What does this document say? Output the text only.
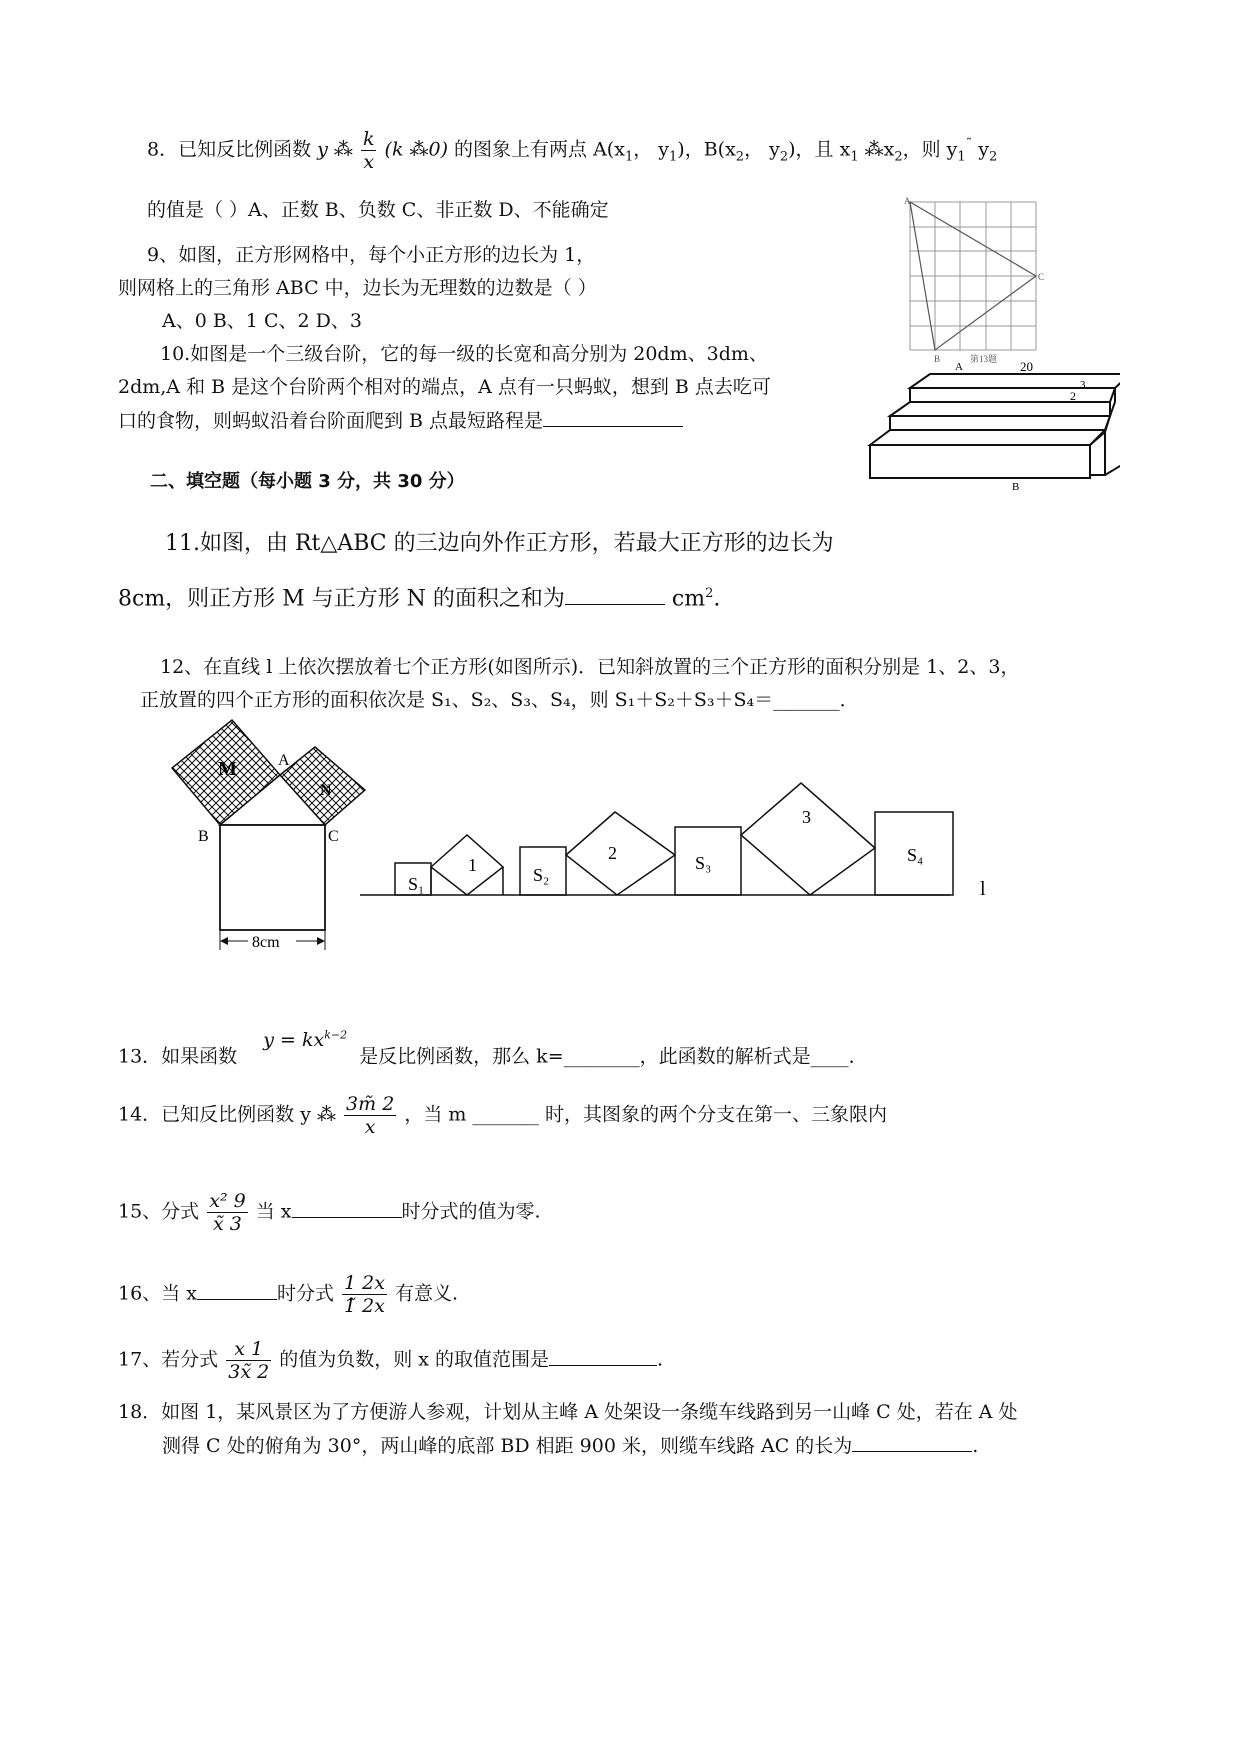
8．已知反比例函数 y ⁂ $\frac{k}{x} (k$ ⁂0) 的图象上有两点 $A(x_1$， $y_1$)，$B(x_2$， $y_2$)，且 $x_1$ $⁂x_2$，则 $y_1^˜$ $y_2$
的值是（ ）A、正数 B、负数 C、非正数 D、不能确定	A
C
B	第13题
9、如图，正方形网格中，每个小正方形的边长为 1，
则网格上的三角形 ABC 中，边长为无理数的边数是（ ）
A、0 B、1 C、2 D、3
10.如图是一个三级台阶，它的每一级的长宽和高分别为 20dm、3dm、
2dm,A 和 B 是这个台阶两个相对的端点，A 点有一只蚂蚁，想到 B 点去吃可
口的食物，则蚂蚁沿着台阶面爬到 B 点最短路程是
A	20
2
3
B
二、填空题（每小题 3 分，共 30 分）
11.如图，由 Rt△ABC 的三边向外作正方形，若最大正方形的边长为
8cm，则正方形 M 与正方形 N 的面积之和为	$cm^2$.
12、在直线 l 上依次摆放着七个正方形(如图所示)．已知斜放置的三个正方形的面积分别是 1、2、3，
正放置的四个正方形的面积依次是 S₁、S₂、S₃、S₄，则 S₁＋S₂＋S₃＋S₄＝_______．
M
N
A
B	C
8cm
S₁
1	S₂
2	S₃
3
S₄
l
13．如果函数 $y = kx^{k-2}$ 是反比例函数，那么 k=________，此函数的解析式是____．
14．已知反比例函数 y ⁂ $\frac{3m̃ 2}{x}$ ，当 m _______ 时，其图象的两个分支在第一、三象限内
15、分式 $\frac{\text{x² 9}}{x̃ 3}$ 当 x	时分式的值为零.
16、当 x	时分式 $\frac{1 2x}{1̃ 2x}$ 有意义.
17、若分式 $\frac{x 1}{3x̃ 2}$ 的值为负数，则 x 的取值范围是	.
18．如图 1，某风景区为了方便游人参观，计划从主峰 A 处架设一条缆车线路到另一山峰 C 处，若在 A 处
测得 C 处的俯角为 30°，两山峰的底部 BD 相距 900 米，则缆车线路 AC 的长为	.
